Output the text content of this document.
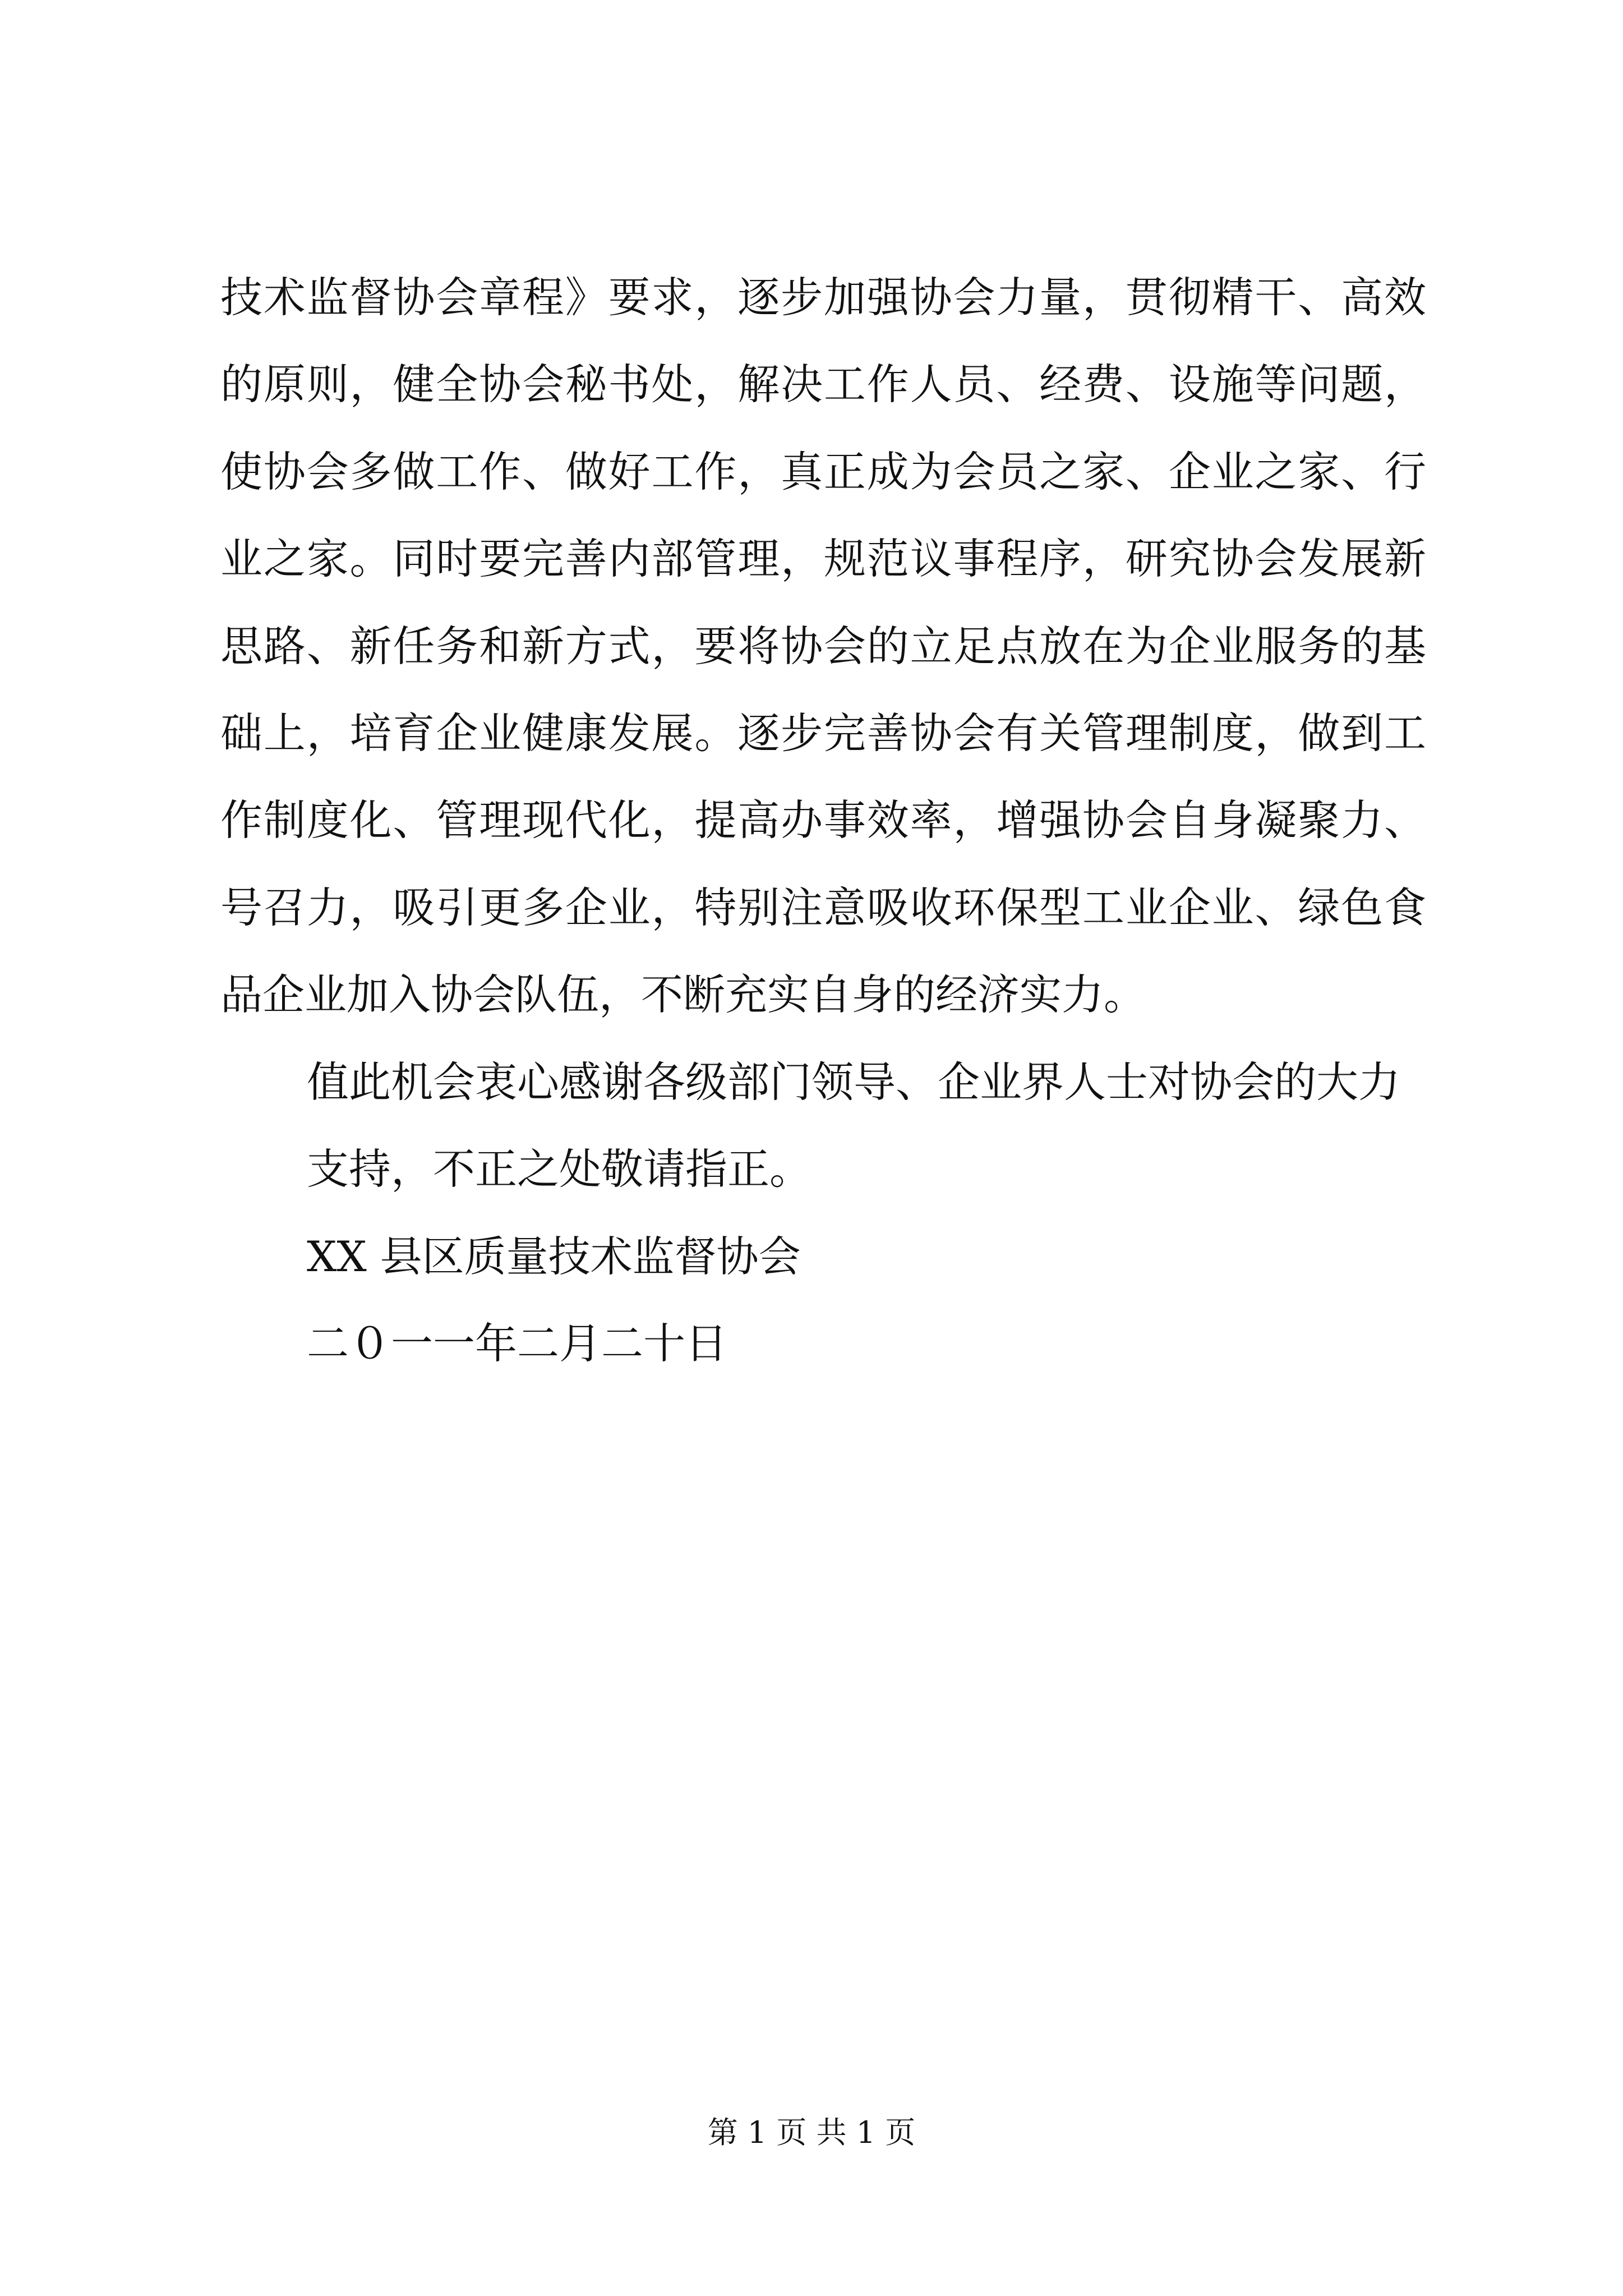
技术监督协会章程》要求，逐步加强协会力量，贯彻精干、高效
的原则，健全协会秘书处，解决工作人员、经费、设施等问题，
使协会多做工作、做好工作，真正成为会员之家、企业之家、行
业之家。同时要完善内部管理，规范议事程序，研究协会发展新
思路、新任务和新方式，要将协会的立足点放在为企业服务的基
础上，培育企业健康发展。逐步完善协会有关管理制度，做到工
作制度化、管理现代化，提高办事效率，增强协会自身凝聚力、
号召力，吸引更多企业，特别注意吸收环保型工业企业、绿色食
品企业加入协会队伍，不断充实自身的经济实力。
值此机会衷心感谢各级部门领导、企业界人士对协会的大力
支持，不正之处敬请指正。
XX 县区质量技术监督协会
二０一一年二月二十日
第 1 页 共 1 页
